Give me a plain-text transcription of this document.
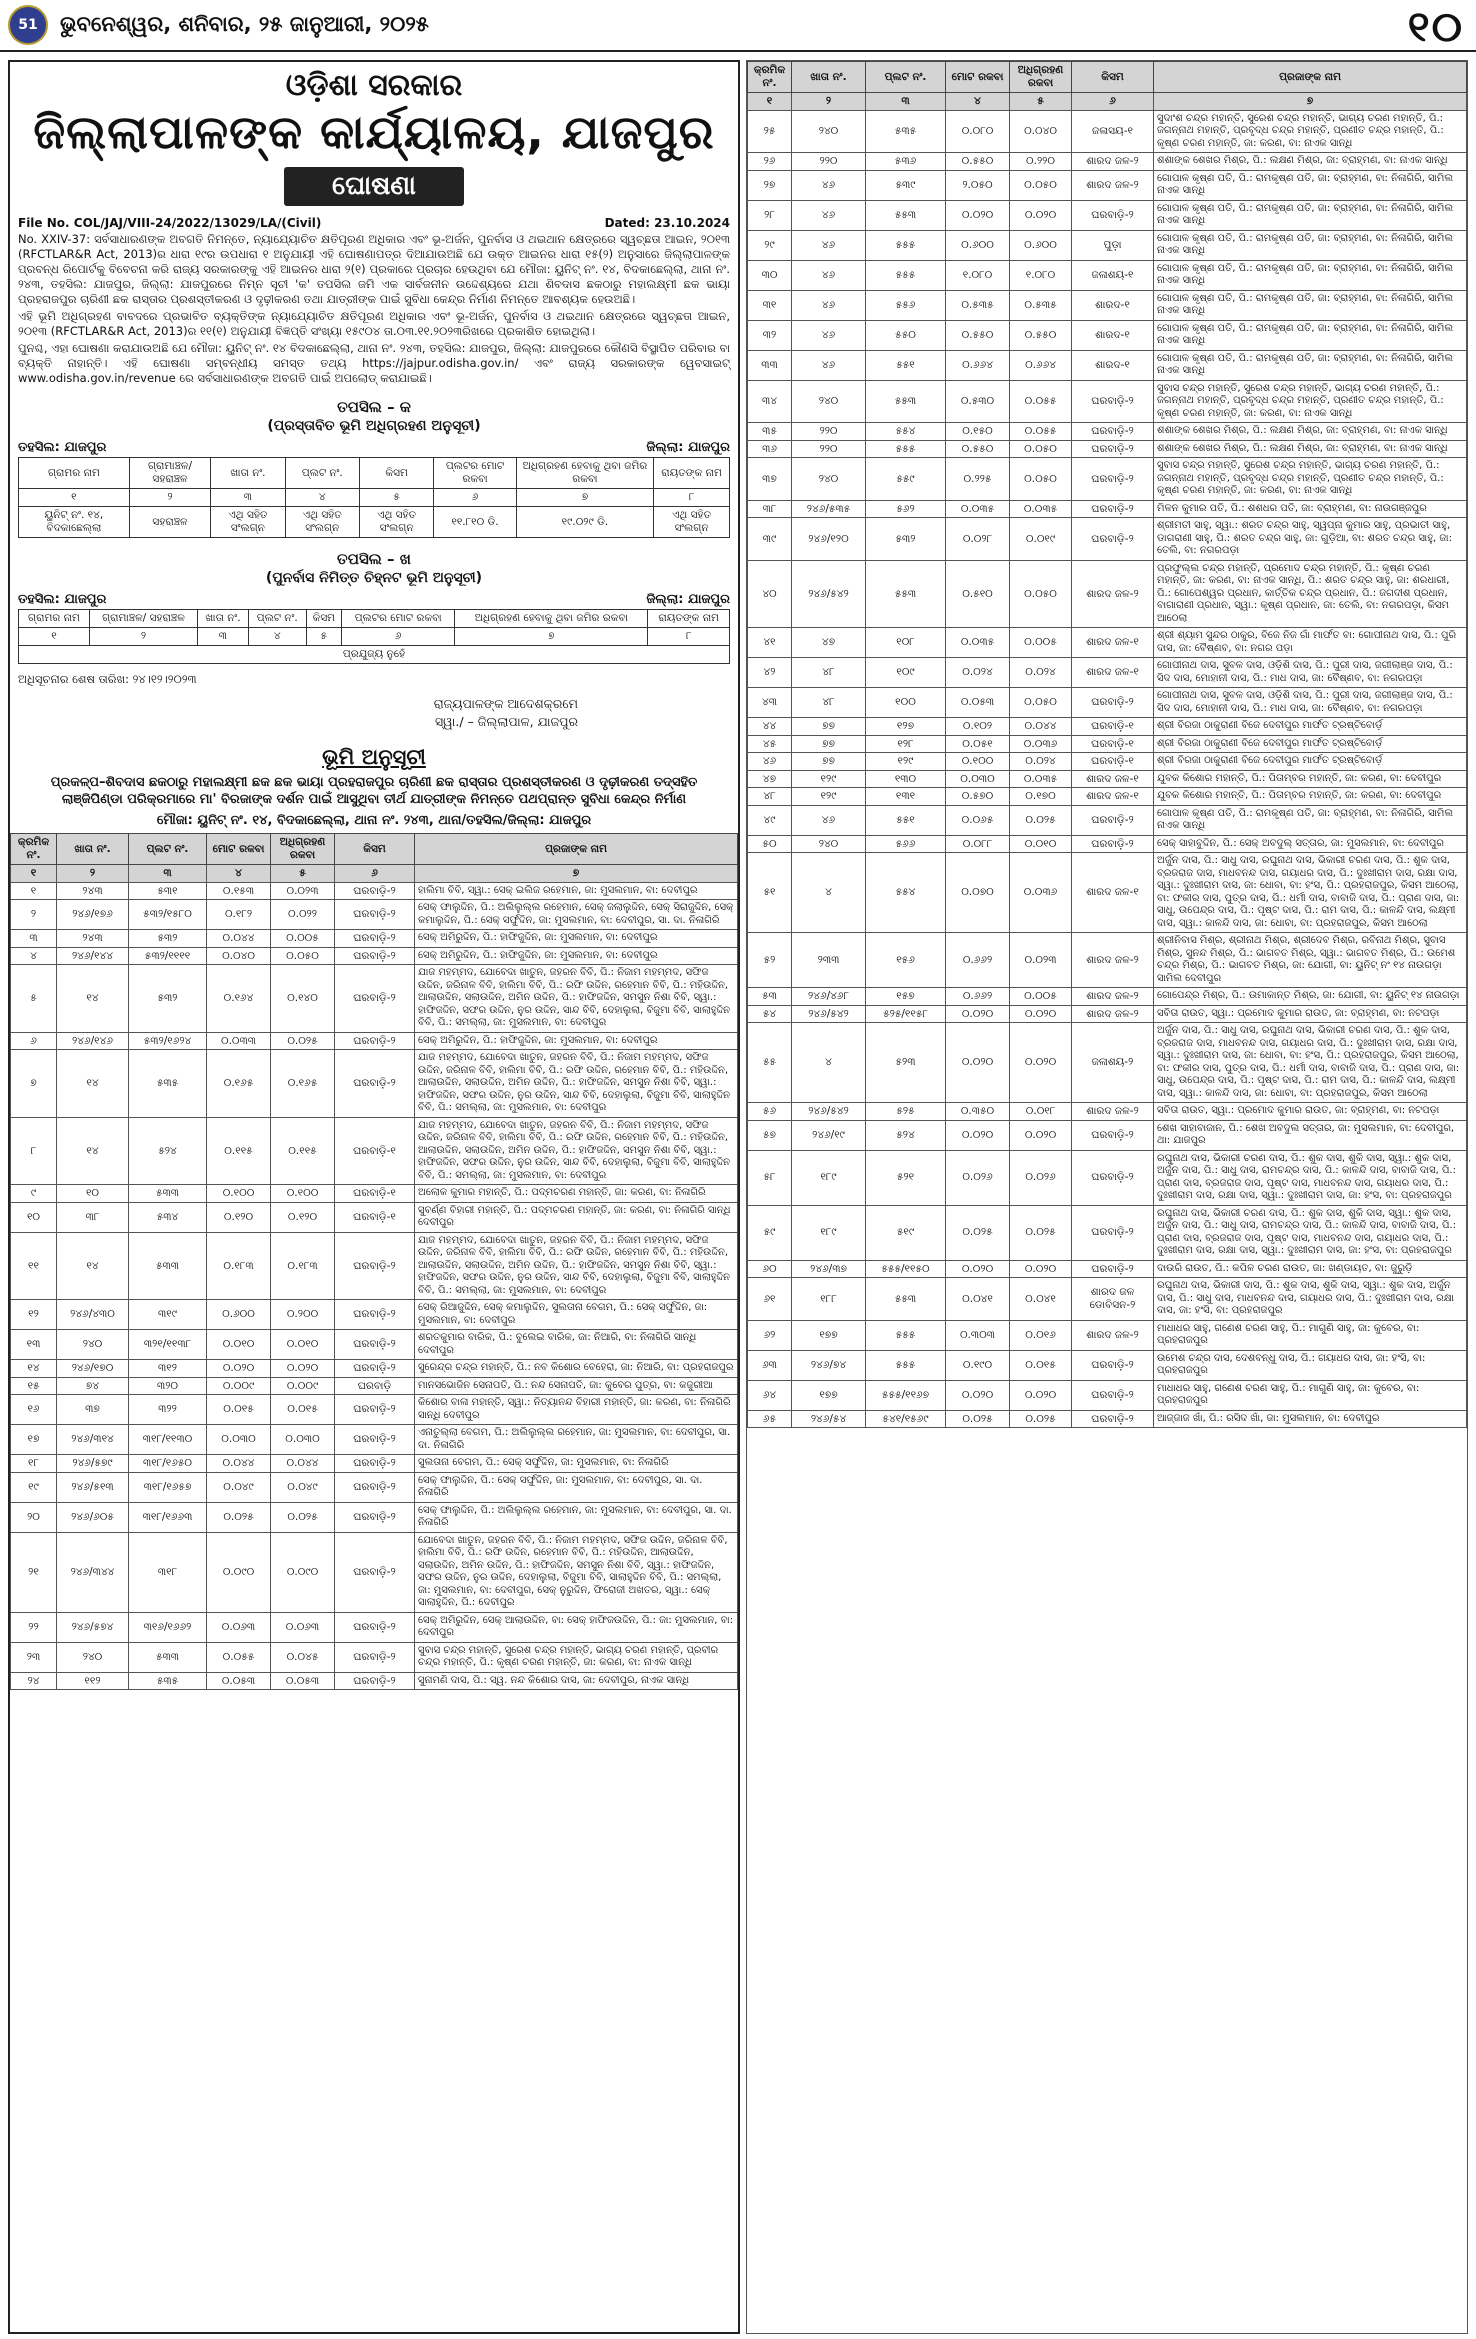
51	ଭୁବନେଶ୍ୱର, ଶନିବାର, ୨୫ ଜାନୁଆରୀ, ୨୦୨୫	୧୦
ଓଡ଼ିଶା ସରକାର
ଜିଲ୍ଲାପାଳଙ୍କ କାର୍ଯ୍ୟାଳୟ, ଯାଜପୁର
ଘୋଷଣା
File No. COL/JAJ/VIII-24/2022/13029/LA/(Civil)	Dated: 23.10.2024

No. XXIV-37: ସର୍ବସାଧାରଣଙ୍କ ଅବଗତି ନିମନ୍ତେ, ନ୍ୟାଯ୍ୟୋଚିତ କ୍ଷତିପୂରଣ ଅଧିକାର ଏବଂ ଭୂ-ଅର୍ଜନ, ପୁନର୍ବାସ ଓ ଥଇଥାନ କ୍ଷେତ୍ରରେ ସ୍ୱଚ୍ଛତା ଆଇନ, ୨୦୧୩ (RFCTLAR&R Act, 2013)ର ଧାରା ୧୯ର ଉପଧାରା ୧ ଅନୁଯାୟୀ ଏହି ଘୋଷଣାପତ୍ର ଦିଆଯାଉଅଛି ଯେ ଉକ୍ତ ଆଇନର ଧାରା ୧୫(୨) ଅନୁସାରେ ଜିଲ୍ଲାପାଳଙ୍କ ପ୍ରବନ୍ଧ ରିପୋର୍ଟକୁ ବିବେଚନା କରି ରାଜ୍ୟ ସରକାରଙ୍କୁ ଏହି ଆଇନର ଧାରା ୨(୧) ପ୍ରକାରେ ପ୍ରଚାର ହେଉଥିବା ଯେ ମୌଜା: ୟୁନିଟ୍ ନଂ. ୧୪, ବିଦକାଛେଲ୍ଲା, ଥାନା ନଂ. ୨୪୩, ତହସିଲ: ଯାଜପୁର, ଜିଲ୍ଲା: ଯାଜପୁରରେ ନିମ୍ନ ସୂଚୀ 'କ' ତପସିଲ ଜମି ଏକ ସାର୍ବଜନୀନ ଉଦ୍ଦେଶ୍ୟରେ ଯଥା ଶିବଦାସ ଛକଠାରୁ ମହାଲକ୍ଷ୍ମୀ ଛକ ଭାୟା ପ୍ରହରାଜପୁର ଚାରିଣୀ ଛକ ରାସ୍ତାର ପ୍ରଶସ୍ତୀକରଣ ଓ ଦୃଢ଼ୀକରଣ ତଥା ଯାତ୍ରୀଙ୍କ ପାଇଁ ସୁବିଧା କେନ୍ଦ୍ର ନିର୍ମାଣ ନିମନ୍ତେ ଆବଶ୍ୟକ ହେଉଅଛି।

ଏହି ଭୂମି ଅଧିଗ୍ରହଣ ବାବଦରେ ପ୍ରଭାବିତ ବ୍ୟକ୍ତିଙ୍କ ନ୍ୟାଯ୍ୟୋଚିତ କ୍ଷତିପୂରଣ ଅଧିକାର ଏବଂ ଭୂ-ଅର୍ଜନ, ପୁନର୍ବାସ ଓ ଥଇଥାନ କ୍ଷେତ୍ରରେ ସ୍ୱଚ୍ଛତା ଆଇନ, ୨୦୧୩ (RFCTLAR&R Act, 2013)ର ୧୧(୧) ଅନୁଯାୟୀ ବିଜ୍ଞପ୍ତି ସଂଖ୍ୟା ୧୫୯୦୪ ତା.୦୩.୧୧.୨୦୨୩ରିଖରେ ପ୍ରକାଶିତ ହୋଇଥିଲା।

ପୁନଶ୍ଚ, ଏହା ଘୋଷଣା କରାଯାଉଅଛି ଯେ ମୌଜା: ୟୁନିଟ୍ ନଂ. ୧୪ ବିଦକାଛେଲ୍ଲା, ଥାନା ନଂ. ୨୪୩, ତହସିଲ: ଯାଜପୁର, ଜିଲ୍ଲା: ଯାଜପୁରରେ କୌଣସି ବିସ୍ଥାପିତ ପରିବାର ବା ବ୍ୟକ୍ତି ନାହାନ୍ତି। ଏହି ଘୋଷଣା ସମ୍ବନ୍ଧୀୟ ସମସ୍ତ ତଥ୍ୟ https://jajpur.odisha.gov.in/ ଏବଂ ରାଜ୍ୟ ସରକାରଙ୍କ ୱେବସାଇଟ୍ www.odisha.gov.in/revenue ରେ ସର୍ବସାଧାରଣଙ୍କ ଅବଗତି ପାଇଁ ଅପଲୋଡ୍ କରାଯାଇଛି।

ତପସିଲ – କ
(ପ୍ରସ୍ତାବିତ ଭୂମି ଅଧିଗ୍ରହଣ ଅନୁସୂଚୀ)
ତହସିଲ: ଯାଜପୁର	ଜିଲ୍ଲା: ଯାଜପୁର
ଗ୍ରାମର ନାମ	ଗ୍ରାମାଞ୍ଚଳ/ ସହରାଞ୍ଚଳ	ଖାତା ନଂ.	ପ୍ଲଟ ନଂ.	କିସମ	ପ୍ଲଟର ମୋଟ ରକବା	ଅଧିଗ୍ରହଣ ହେବାକୁ ଥିବା ଜମିର ରକବା	ରାୟତଙ୍କ ନାମ
୧	୨	୩	୪	୫	୬	୭	୮
ୟୁନିଟ୍ ନଂ. ୧୪, ବିଦକାଛେଲ୍ଲା	ସହରାଞ୍ଚଳ	ଏଥି ସହିତ ସଂଲଗ୍ନ	ଏଥି ସହିତ ସଂଲଗ୍ନ	ଏଥି ସହିତ ସଂଲଗ୍ନ	୧୧.୮୧୦ ଡି.	୧୯.୦୨୯ ଡି.	ଏଥି ସହିତ ସଂଲଗ୍ନ
ତପସିଲ – ଖ
(ପୁନର୍ବାସ ନିମିତ୍ତ ଚିହ୍ନଟ ଭୂମି ଅନୁସୂଚୀ)
ତହସିଲ: ଯାଜପୁର	ଜିଲ୍ଲା: ଯାଜପୁର
ଗ୍ରାମର ନାମ	ଗ୍ରାମାଞ୍ଚଳ/ ସହରାଞ୍ଚଳ	ଖାତା ନଂ.	ପ୍ଲଟ ନଂ.	କିସମ	ପ୍ଲଟର ମୋଟ ରକବା	ଅଧିଗ୍ରହଣ ହେବାକୁ ଥିବା ଜମିର ରକବା	ରାୟତଙ୍କ ନାମ
୧	୨	୩	୪	୫	୬	୭	୮
ପ୍ରଯୁଜ୍ୟ ନୁହେଁ							
ଅଧିସୂଚନାର ଶେଷ ତାରିଖ: ୨୪।୧୨।୨୦୨୩
ରାଜ୍ୟପାଳଙ୍କ ଆଦେଶକ୍ରମେ
ସ୍ୱା./ – ଜିଲ୍ଲାପାଳ, ଯାଜପୁର
ଭୂମି ଅନୁସୂଚୀ
ପ୍ରକଳ୍ପ–ଶିବଦାସ ଛକଠାରୁ ମହାଲକ୍ଷ୍ମୀ ଛକ ଛକ ଭାୟା ପ୍ରହରାଜପୁର ଚାରିଣୀ ଛକ ରାସ୍ତାର ପ୍ରଶସ୍ତୀକରଣ ଓ ଦୃଢ଼ୀକରଣ ତଦ୍‌ସହିତ ଲାଞ୍ଜିପିଣ୍ଡା ପରିକ୍ରମାରେ ମା' ବିରଜାଙ୍କ ଦର୍ଶନ ପାଇଁ ଆସୁଥିବା ତୀର୍ଥ ଯାତ୍ରୀଙ୍କ ନିମନ୍ତେ ପଥପ୍ରାନ୍ତ ସୁବିଧା କେନ୍ଦ୍ର ନିର୍ମାଣ
ମୌଜା: ୟୁନିଟ୍ ନଂ. ୧୪, ବିଦକାଛେଲ୍ଲା, ଥାନା ନଂ. ୨୪୩, ଥାନା/ତହସିଲ/ଜିଲ୍ଲା: ଯାଜପୁର
କ୍ରମିକ ନଂ.	ଖାତା ନଂ.	ପ୍ଲଟ ନଂ.	ମୋଟ ରକବା	ଅଧିଗ୍ରହଣ ରକବା	କିସମ	ପ୍ରଜାଙ୍କ ନାମ
୧	୨	୩	୪	୫	୬	୭
୧	୨୪୩	୫୩୧	୦.୧୫୩	୦.୦୨୩	ଘରବାଡ଼ି-୨	ହାଲିମା ବିବି, ସ୍ୱା.: ସେକ୍ ଇଲିଜ ରହେମାନ, ଜା: ମୁସଲମାନ, ବା: ଦେବୀପୁର
୨	୨୪୬/୧୭୬	୫୩୨/୧୫୮୦	୦.୧୮୨	୦.୦୨୨	ଘରବାଡ଼ି-୨	ସେକ୍ ଫାଲୁଦ୍ଦିନ, ପି.: ଅଲିଲୁଲ୍ଲ ରହେମାନ, ସେକ୍ ଜଲାଲୁଦ୍ଦିନ, ସେକ୍ ସିରାଜୁଦ୍ଦିନ, ସେକ୍ କମାଲୁଦ୍ଦିନ, ପି.: ସେକ୍ ସର୍ଫୁଦ୍ଦିନ, ଜା: ମୁସଲମାନ, ବା: ଦେବୀପୁର, ସା. ଦା. ନିଳାଗିରି
୩	୨୪୩	୫୩୨	୦.୦୪୪	୦.୦୦୫	ଘରବାଡ଼ି-୨	ସେକ୍ ଅମିରୁଦ୍ଦିନ, ପି.: ହାଫିଜୁଦ୍ଦିନ, ଜା: ମୁସଲମାନ, ବା: ଦେବୀପୁର
୪	୨୪୬/୧୪୪	୫୩୨/୧୧୧୧	୦.୦୪୦	୦.୦୫୦	ଘରବାଡ଼ି-୨	ସେକ୍ ଅମିରୁଦ୍ଦିନ, ପି.: ହାଫିଜୁଦ୍ଦିନ, ଜା: ମୁସଲମାନ, ବା: ଦେବୀପୁର
୫	୧୪	୫୩୨	୦.୧୬୪	୦.୧୪୦	ଘରବାଡ଼ି-୨	ଯାଜ ମହମ୍ମଦ, ଯୋବେଦା ଖାତୁନ, ଜହରନ ବିବି, ପି.: ନିଜାମ ମହମ୍ମଦ, ସଫିଜ ଉଦ୍ଦିନ, ଜରିନାଳ ବିବି, ହାଲିମା ବିବି, ପି.: ରଫି ଉଦ୍ଦିନ, ରହେମାନ ବିବି, ପି.: ମହିଉଦ୍ଦିନ, ଆଲାଉଦ୍ଦିନ, ସଲାଉଦ୍ଦିନ, ଅମିନ ଉଦ୍ଦିନ, ପି.: ହାଫିଜଦ୍ଦିନ, ସମସୁନ ନିଶା ବିବି, ସ୍ୱା.: ହାଫିଜଦ୍ଦିନ, ସଫର ଉଦ୍ଦିନ, ନୁର ଉଦ୍ଦିନ, ସାନ୍ଦ ବିବି, ଦେହାଲୁଲା, ବିଜୁମା ବିବି, ସାଲାହୁଦ୍ଦିନ ବିବି, ପି.: ସମଲ୍ଲା, ଜା: ମୁସଲମାନ, ବା: ଦେବୀପୁର
୬	୨୪୬/୧୪୬	୫୩୨/୧୬୨୪	୦.୦୩୩	୦.୦୨୫	ଘରବାଡ଼ି-୨	ସେକ୍ ଅମିରୁଦ୍ଦିନ, ପି.: ହାଫିଜୁଦ୍ଦିନ, ଜା: ମୁସଲମାନ, ବା: ଦେବୀପୁର
୭	୧୪	୫୩୫	୦.୧୬୫	୦.୧୬୫	ଘରବାଡ଼ି-୨	ଯାଜ ମହମ୍ମଦ, ଯୋବେଦା ଖାତୁନ, ଜହରନ ବିବି, ପି.: ନିଜାମ ମହମ୍ମଦ, ସଫିଜ ଉଦ୍ଦିନ, ଜରିନାଳ ବିବି, ହାଲିମା ବିବି, ପି.: ରଫି ଉଦ୍ଦିନ, ରହେମାନ ବିବି, ପି.: ମହିଉଦ୍ଦିନ, ଆଲାଉଦ୍ଦିନ, ସଲାଉଦ୍ଦିନ, ଅମିନ ଉଦ୍ଦିନ, ପି.: ହାଫିଜଦ୍ଦିନ, ସମସୁନ ନିଶା ବିବି, ସ୍ୱା.: ହାଫିଜଦ୍ଦିନ, ସଫର ଉଦ୍ଦିନ, ନୁର ଉଦ୍ଦିନ, ସାନ୍ଦ ବିବି, ଦେହାଲୁଲା, ବିଜୁମା ବିବି, ସାଲାହୁଦ୍ଦିନ ବିବି, ପି.: ସମଲ୍ଲା, ଜା: ମୁସଲମାନ, ବା: ଦେବୀପୁର
୮	୧୪	୫୨୪	୦.୧୧୫	୦.୧୧୫	ଘରବାଡ଼ି-୧	ଯାଜ ମହମ୍ମଦ, ଯୋବେଦା ଖାତୁନ, ଜହରନ ବିବି, ପି.: ନିଜାମ ମହମ୍ମଦ, ସଫିଜ ଉଦ୍ଦିନ, ଜରିନାଳ ବିବି, ହାଲିମା ବିବି, ପି.: ରଫି ଉଦ୍ଦିନ, ରହେମାନ ବିବି, ପି.: ମହିଉଦ୍ଦିନ, ଆଲାଉଦ୍ଦିନ, ସଲାଉଦ୍ଦିନ, ଅମିନ ଉଦ୍ଦିନ, ପି.: ହାଫିଜଦ୍ଦିନ, ସମସୁନ ନିଶା ବିବି, ସ୍ୱା.: ହାଫିଜଦ୍ଦିନ, ସଫର ଉଦ୍ଦିନ, ନୁର ଉଦ୍ଦିନ, ସାନ୍ଦ ବିବି, ଦେହାଲୁଲା, ବିଜୁମା ବିବି, ସାଲାହୁଦ୍ଦିନ ବିବି, ପି.: ସମଲ୍ଲା, ଜା: ମୁସଲମାନ, ବା: ଦେବୀପୁର
୯	୧୦	୫୩୩	୦.୧୦୦	୦.୧୦୦	ଘରବାଡ଼ି-୧	ଅଲୋକ କୁମାର ମହାନ୍ତି, ପି.: ପଦ୍ମଚରଣ ମହାନ୍ତି, ଜା: କରଣ, ବା: ନିଳାଗିରି
୧୦	୩୮	୫୩୪	୦.୧୨୦	୦.୧୨୦	ଘରବାଡ଼ି-୧	ସୁବର୍ଣ୍ଣ ବିହାରୀ ମହାନ୍ତି, ପି.: ପଦ୍ମଚରଣ ମହାନ୍ତି, ଜା: କରଣ, ବା: ନିଳାଗିରି ସାନ୍ଧି ଦେବୀପୁର
୧୧	୧୪	୫୩୩	୦.୧୮୩	୦.୧୮୩	ଘରବାଡ଼ି-୨	ଯାଜ ମହମ୍ମଦ, ଯୋବେଦା ଖାତୁନ, ଜହରନ ବିବି, ପି.: ନିଜାମ ମହମ୍ମଦ, ସଫିଜ ଉଦ୍ଦିନ, ଜରିନାଳ ବିବି, ହାଲିମା ବିବି, ପି.: ରଫି ଉଦ୍ଦିନ, ରହେମାନ ବିବି, ପି.: ମହିଉଦ୍ଦିନ, ଆଲାଉଦ୍ଦିନ, ସଲାଉଦ୍ଦିନ, ଅମିନ ଉଦ୍ଦିନ, ପି.: ହାଫିଜଦ୍ଦିନ, ସମସୁନ ନିଶା ବିବି, ସ୍ୱା.: ହାଫିଜଦ୍ଦିନ, ସଫର ଉଦ୍ଦିନ, ନୁର ଉଦ୍ଦିନ, ସାନ୍ଦ ବିବି, ଦେହାଲୁଲା, ବିଜୁମା ବିବି, ସାଲାହୁଦ୍ଦିନ ବିବି, ପି.: ସମଲ୍ଲା, ଜା: ମୁସଲମାନ, ବା: ଦେବୀପୁର
୧୨	୨୪୬/୪୩୦	୩୧୯	୦.୬୦୦	୦.୨୦୦	ଘରବାଡ଼ି-୨	ସେକ୍ ରିଆଜୁଦ୍ଦିନ, ସେକ୍ କମାଲୁଦ୍ଦିନ, ସୁଲତାନା ବେଗମ, ପି.: ସେକ୍ ସର୍ଫୁଦ୍ଦିନ, ଜା: ମୁସଲମାନ, ବା: ଦେବୀପୁର
୧୩	୨୪୦	୩୨୧/୧୧୩୮	୦.୦୧୦	୦.୦୧୦	ଘରବାଡ଼ି-୨	ଶରତକୁମାର ବାରିକ, ପି.: ବୁଲେଇ ବାରିକ, ଜା: ନିଆରି, ବା: ନିଳାଗିରି ସାନ୍ଧି ଦେବୀପୁର
୧୪	୨୪୬/୧୭୦	୩୧୨	୦.୦୨୦	୦.୦୨୦	ଘରବାଡ଼ି-୨	ସୁରେନ୍ଦ୍ର ଚନ୍ଦ୍ର ମହାନ୍ତି, ପି.: ନବ କିଶୋର ବେହେରା, ଜା: ନିଆରି, ବା: ପ୍ରହରାଜପୁର
୧୫	୭୪	୩୨୦	୦.୦୦୯	୦.୦୦୯	ଘରବାଡ଼ି	ମାନସଭୋଜିନ ସେନାପତି, ପି.: ନନ୍ଦ ସେନାପତି, ଜା: କୁବେର ପୁତ୍ର, ବା: କଜୁରୀଆ
୧୬	୩୭	୩୨୨	୦.୦୧୫	୦.୦୧୫	ଘରବାଡ଼ି-୨	କିଶୋର ବାଳା ମହାନ୍ତି, ସ୍ୱା.: ନିତ୍ୟାନନ୍ଦ ବିହାରୀ ମହାନ୍ତି, ଜା: କରଣ, ବା: ନିଳାଗିରି ସାନ୍ଧି ଦେବୀପୁର
୧୭	୨୪୬/୩୧୪	୩୧୮/୧୧୩୦	୦.୦୩୦	୦.୦୩୦	ଘରବାଡ଼ି-୨	ଏନାତୁଲ୍ଲା ବେଗମ, ପି.: ଅଲିଲୁଲ୍ଲ ରହେମାନ, ଜା: ମୁସଲମାନ, ବା: ଦେବୀପୁର, ସା. ଦା. ନିଳାଗିରି
୧୮	୨୪୬/୫୭୯	୩୧୮/୧୬୫୦	୦.୦୪୪	୦.୦୪୪	ଘରବାଡ଼ି-୨	ସୁଲତାନା ବେଗମ, ପି.: ସେକ୍ ସର୍ଫୁଦ୍ଦିନ, ଜା: ମୁସଲମାନ, ବା: ନିଳାଗିରି
୧୯	୨୪୬/୫୧୩	୩୧୮/୧୬୫୭	୦.୦୪୯	୦.୦୪୯	ଘରବାଡ଼ି-୨	ସେକ୍ ଫାଲୁଦ୍ଦିନ, ପି.: ସେକ୍ ସର୍ଫୁଦ୍ଦିନ, ଜା: ମୁସଲମାନ, ବା: ଦେବୀପୁର, ସା. ଦା. ନିଳାଗିରି
୨୦	୨୪୬/୬୦୫	୩୧୮/୧୬୬୩	୦.୦୨୫	୦.୦୨୫	ଘରବାଡ଼ି-୨	ସେକ୍ ଫାଲୁଦ୍ଦିନ, ପି.: ଅଲିଲୁଲ୍ଲ ରହେମାନ, ଜା: ମୁସଲମାନ, ବା: ଦେବୀପୁର, ସା. ଦା. ନିଳାଗିରି
୨୧	୨୪୬/୩୪୪	୩୧୮	୦.୦୯୦	୦.୦୯୦	ଘରବାଡ଼ି-୨	ଯୋବେଦା ଖାତୁନ, ଜହରନ ବିବି, ପି.: ନିଜାମ ମହମ୍ମଦ, ସଫିଜ ଉଦ୍ଦିନ, ଜରିନାଳ ବିବି, ହାଲିମା ବିବି, ପି.: ରଫି ଉଦ୍ଦିନ, ରହେମାନ ବିବି, ପି.: ମହିଉଦ୍ଦିନ, ଆଲାଉଦ୍ଦିନ, ସଲାଉଦ୍ଦିନ, ଅମିନ ଉଦ୍ଦିନ, ପି.: ହାଫିଜଦ୍ଦିନ, ସମସୁନ ନିଶା ବିବି, ସ୍ୱା.: ହାଫିଜଦ୍ଦିନ, ସଫର ଉଦ୍ଦିନ, ନୁର ଉଦ୍ଦିନ, ଦେହାଲୁଲା, ବିଜୁମା ବିବି, ସାଲାହୁଦ୍ଦିନ ବିବି, ପି.: ସମଲ୍ଲା, ଜା: ମୁସଲମାନ, ବା: ଦେବୀପୁର, ସେକ୍ ନୁରୁଦ୍ଦିନ, ଫିରୋଜୀ ଅଖତର, ସ୍ୱା.: ସେକ୍ ସାଲାହୁଦ୍ଦିନ, ପି.: ଦେବୀପୁର
୨୨	୨୪୬/୫୭୪	୩୧୬/୧୬୬୨	୦.୦୬୩	୦.୦୬୩	ଘରବାଡ଼ି-୨	ସେକ୍ ଅମିରୁଦ୍ଦିନ, ସେକ୍ ଆଲାଉଦ୍ଦିନ, ବା: ସେକ୍ ହାଫିଜଉଦ୍ଦିନ, ପି.: ଜା: ମୁସଲମାନ, ବା: ଦେବୀପୁର
୨୩	୨୪୦	୫୩୩	୦.୦୫୫	୦.୦୪୫	ଘରବାଡ଼ି-୨	ସୁବାସ ଚନ୍ଦ୍ର ମହାନ୍ତି, ସୁରେଶ ଚନ୍ଦ୍ର ମହାନ୍ତି, ଭାଗ୍ୟ ଚରଣ ମହାନ୍ତି, ପ୍ରବୀର ଚନ୍ଦ୍ର ମହାନ୍ତି, ପି.: କୃଷ୍ଣ ଚରଣ ମହାନ୍ତି, ଜା: କରଣ, ବା: ନାଏକ ସାନ୍ଧି
୨୪	୧୧୨	୫୩୫	୦.୦୫୩	୦.୦୫୩	ଘରବାଡ଼ି-୨	ସୁନାମଣି ଦାସ, ପି.: ସ୍ୱ. ନନ୍ଦ କିଶୋର ଦାସ, ଜା: ଦେବୀପୁର, ନାଏକ ସାନ୍ଧି
କ୍ରମିକ ନଂ.	ଖାତା ନଂ.	ପ୍ଲଟ ନଂ.	ମୋଟ ରକବା	ଅଧିଗ୍ରହଣ ରକବା	କିସମ	ପ୍ରଜାଙ୍କ ନାମ
୧	୨	୩	୪	୫	୬	୭
୨୫	୨୪୦	୫୩୫	୦.୦୮୦	୦.୦୪୦	ଜଳାସୟ-୧	ସୁଦାଂଶ ଚନ୍ଦ୍ର ମହାନ୍ତି, ସୁରେଶ ଚନ୍ଦ୍ର ମହାନ୍ତି, ଭାଗ୍ୟ ଚରଣ ମହାନ୍ତି, ପି.: ଜଗନ୍ନାଥ ମହାନ୍ତି, ପ୍ରବୃଦ୍ଧ ଚନ୍ଦ୍ର ମହାନ୍ତି, ପ୍ରଣୀତ ଚନ୍ଦ୍ର ମହାନ୍ତି, ପି.: କୃଷ୍ଣ ଚରଣ ମହାନ୍ତି, ଜା: କରଣ, ବା: ନାଏକ ସାନ୍ଧି
୨୬	୨୨୦	୫୩୬	୦.୫୫୦	୦.୨୨୦	ଶାରଦ ଜଳ-୨	ଶଶାଙ୍କ ଶେଖର ମିଶ୍ର, ପି.: ଲକ୍ଷଣ ମିଶ୍ର, ଜା: ବ୍ରାହ୍ମଣ, ବା: ନାଏକ ସାନ୍ଧି
୨୭	୪୬	୫୩୯	୨.୦୫୦	୦.୦୫୦	ଶାରଦ ଜଳ-୨	ଗୋପାଳ କୃଷ୍ଣ ପତି, ପି.: ରାମକୃଷ୍ଣ ପତି, ଜା: ବ୍ରାହ୍ମଣ, ବା: ନିଳାଗିରି, ସାମିଲ ନାଏକ ସାନ୍ଧି
୨୮	୪୬	୫୫୩	୦.୦୨୦	୦.୦୨୦	ଘରବାଡ଼ି-୨	ଗୋପାଳ କୃଷ୍ଣ ପତି, ପି.: ରାମକୃଷ୍ଣ ପତି, ଜା: ବ୍ରାହ୍ମଣ, ବା: ନିଳାଗିରି, ସାମିଲ ନାଏକ ସାନ୍ଧି
୨୯	୪୬	୫୫୫	୦.୬୦୦	୦.୬୦୦	ପୁଡ଼ା	ଗୋପାଳ କୃଷ୍ଣ ପତି, ପି.: ରାମକୃଷ୍ଣ ପତି, ଜା: ବ୍ରାହ୍ମଣ, ବା: ନିଳାଗିରି, ସାମିଲ ନାଏକ ସାନ୍ଧି
୩୦	୪୬	୫୫୫	୧.୦୮୦	୧.୦୮୦	ଜଳାଶୟ-୧	ଗୋପାଳ କୃଷ୍ଣ ପତି, ପି.: ରାମକୃଷ୍ଣ ପତି, ଜା: ବ୍ରାହ୍ମଣ, ବା: ନିଳାଗିରି, ସାମିଲ ନାଏକ ସାନ୍ଧି
୩୧	୪୬	୫୫୬	୦.୫୩୫	୦.୫୩୫	ଶାରଦ-୧	ଗୋପାଳ କୃଷ୍ଣ ପତି, ପି.: ରାମକୃଷ୍ଣ ପତି, ଜା: ବ୍ରାହ୍ମଣ, ବା: ନିଳାଗିରି, ସାମିଲ ନାଏକ ସାନ୍ଧି
୩୨	୪୬	୫୫୦	୦.୫୫୦	୦.୫୫୦	ଶାରଦ-୧	ଗୋପାଳ କୃଷ୍ଣ ପତି, ପି.: ରାମକୃଷ୍ଣ ପତି, ଜା: ବ୍ରାହ୍ମଣ, ବା: ନିଳାଗିରି, ସାମିଲ ନାଏକ ସାନ୍ଧି
୩୩	୪୬	୫୫୧	୦.୬୬୪	୦.୬୬୪	ଶାରଦ-୧	ଗୋପାଳ କୃଷ୍ଣ ପତି, ପି.: ରାମକୃଷ୍ଣ ପତି, ଜା: ବ୍ରାହ୍ମଣ, ବା: ନିଳାଗିରି, ସାମିଲ ନାଏକ ସାନ୍ଧି
୩୪	୨୪୦	୫୫୩	୦.୫୩୦	୦.୦୫୫	ଘରବାଡ଼ି-୨	ସୁବାସ ଚନ୍ଦ୍ର ମହାନ୍ତି, ସୁରେଶ ଚନ୍ଦ୍ର ମହାନ୍ତି, ଭାଗ୍ୟ ଚରଣ ମହାନ୍ତି, ପି.: ଜଗନ୍ନାଥ ମହାନ୍ତି, ପ୍ରବୃଦ୍ଧ ଚନ୍ଦ୍ର ମହାନ୍ତି, ପ୍ରଣୀତ ଚନ୍ଦ୍ର ମହାନ୍ତି, ପି.: କୃଷ୍ଣ ଚରଣ ମହାନ୍ତି, ଜା: କରଣ, ବା: ନାଏକ ସାନ୍ଧି
୩୫	୨୨୦	୫୫୪	୦.୧୫୦	୦.୦୫୫	ଘରବାଡ଼ି-୨	ଶଶାଙ୍କ ଶେଖର ମିଶ୍ର, ପି.: ଲକ୍ଷଣ ମିଶ୍ର, ଜା: ବ୍ରାହ୍ମଣ, ବା: ନାଏକ ସାନ୍ଧି
୩୬	୨୨୦	୫୫୫	୦.୫୫୦	୦.୦୫୦	ଘରବାଡ଼ି-୨	ଶଶାଙ୍କ ଶେଖର ମିଶ୍ର, ପି.: ଲକ୍ଷଣ ମିଶ୍ର, ଜା: ବ୍ରାହ୍ମଣ, ବା: ନାଏକ ସାନ୍ଧି
୩୭	୨୪୦	୫୫୯	୦.୨୨୫	୦.୦୫୦	ଘରବାଡ଼ି-୨	ସୁବାସ ଚନ୍ଦ୍ର ମହାନ୍ତି, ସୁରେଶ ଚନ୍ଦ୍ର ମହାନ୍ତି, ଭାଗ୍ୟ ଚରଣ ମହାନ୍ତି, ପି.: ଜଗନ୍ନାଥ ମହାନ୍ତି, ପ୍ରବୃଦ୍ଧ ଚନ୍ଦ୍ର ମହାନ୍ତି, ପ୍ରଣୀତ ଚନ୍ଦ୍ର ମହାନ୍ତି, ପି.: କୃଷ୍ଣ ଚରଣ ମହାନ୍ତି, ଜା: କରଣ, ବା: ନାଏକ ସାନ୍ଧି
୩୮	୨୪୬/୫୩୫	୫୬୨	୦.୦୩୫	୦.୦୩୫	ଘରବାଡ଼ି-୨	ମିଳନ କୁମାର ପତି, ପି.: ଶଶଧର ପତି, ଜା: ବ୍ରାହ୍ମଣ, ବା: ନାଉଗଞ୍ଜପୁର
୩୯	୨୪୬/୧୨୦	୫୩୨	୦.୦୨୮	୦.୦୧୯	ଘରବାଡ଼ି-୨	ଶ୍ରୀମତୀ ସାହୁ, ସ୍ୱା.: ଶରତ ଚନ୍ଦ୍ର ସାହୁ, ସ୍ୱପ୍ନା କୁମାର ସାହୁ, ପ୍ରଭାତୀ ସାହୁ, ଡାଗରାଣୀ ସାହୁ, ପି.: ଶରତ ଚନ୍ଦ୍ର ସାହୁ, ଜା: ଗୁଡ଼ିଆ, ବା: ଶରତ ଚନ୍ଦ୍ର ସାହୁ, ଜା: ତେଲି, ବା: ନଗରପଡ଼ା
୪୦	୨୪୬/୫୪୨	୫୫୩	୦.୫୧୦	୦.୦୫୦	ଶାରଦ ଜଳ-୨	ପ୍ରଫୁଲ୍ଲ ଚନ୍ଦ୍ର ମହାନ୍ତି, ପ୍ରମୋଦ ଚନ୍ଦ୍ର ମହାନ୍ତି, ପି.: କୃଷ୍ଣ ଚରଣ ମହାନ୍ତି, ଜା: କରଣ, ବା: ନାଏକ ସାନ୍ଧି, ପି.: ଶରତ ଚନ୍ଦ୍ର ସାହୁ, ଜା: ଶରଧାରୀ, ପି.: ଗୋପେଶ୍ୱର ପ୍ରଧାନ, କାର୍ତ୍ତିକ ଚନ୍ଦ୍ର ପ୍ରଧାନ, ପି.: ଜଗଦୀଶ ପ୍ରଧାନ, ବାଗାରାଣୀ ପ୍ରଧାନ, ସ୍ୱା.: କୃଷ୍ଣ ପ୍ରଧାନ, ଜା: ତେଲି, ବା: ନଗରପଡ଼ା, କିସମ ଆଠେଲା
୪୧	୪୭	୧୦୮	୦.୦୩୫	୦.୦୦୫	ଶାରଦ ଜଳ-୧	ଶ୍ରୀ ଶ୍ୟାମ ସୁନ୍ଦର ଠାକୁର, ବିଜେ ନିଜ ଗାଁ ମାର୍ଫତ ବା: ଗୋପୀନାଥ ଦାସ, ପି.: ପୁରି ଦାସ, ଜା: ବୈଷ୍ଣବ, ବା: ନଗର ପଡ଼ା
୪୨	୪୮	୧୦୯	୦.୦୨୪	୦.୦୨୪	ଶାରଦ ଜଳ-୧	ଗୋପୀନାଥ ଦାସ, ସୁବଳ ଦାସ, ଓଡ଼ିଶି ଦାସ, ପି.: ପୁରୀ ଦାସ, ଜଗୀଲାଞ୍ଜ ଦାସ, ପି.: ସିଦ ଦାସ, ମୋହାନୀ ଦାସ, ପି.: ମାଧ ଦାସ, ଜା: ବୈଷ୍ଣବ, ବା: ନଗରପଡ଼ା
୪୩	୪୮	୧୦୦	୦.୦୫୩	୦.୦୫୦	ଘରବାଡ଼ି-୨	ଗୋପୀନାଥ ଦାସ, ସୁବଳ ଦାସ, ଓଡ଼ିଶି ଦାସ, ପି.: ପୁରୀ ଦାସ, ଜଗୀଲାଞ୍ଜ ଦାସ, ପି.: ସିଦ ଦାସ, ମୋହାନୀ ଦାସ, ପି.: ମାଧ ଦାସ, ଜା: ବୈଷ୍ଣବ, ବା: ନଗରପଡ଼ା
୪୪	୭୭	୧୨୭	୦.୧୦୨	୦.୦୪୪	ଘରବାଡ଼ି-୧	ଶ୍ରୀ ବିରଜା ଠାକୁରାଣୀ ବିଜେ ଦେବୀପୁର ମାର୍ଫତ ଟ୍ରଷ୍ଟିବୋର୍ଡ଼
୪୫	୭୭	୧୨୮	୦.୦୫୧	୦.୦୩୬	ଘରବାଡ଼ି-୧	ଶ୍ରୀ ବିରଜା ଠାକୁରାଣୀ ବିଜେ ଦେବୀପୁର ମାର୍ଫତ ଟ୍ରଷ୍ଟିବୋର୍ଡ଼
୪୬	୭୭	୧୨୯	୦.୧୦୦	୦.୦୨୪	ଘରବାଡ଼ି-୧	ଶ୍ରୀ ବିରଜା ଠାକୁରାଣୀ ବିଜେ ଦେବୀପୁର ମାର୍ଫତ ଟ୍ରଷ୍ଟିବୋର୍ଡ଼
୪୭	୧୨୯	୧୩୦	୦.୦୩୦	୦.୦୩୫	ଶାରଦ ଜଳ-୧	ଯୁବକ କିଶୋର ମହାନ୍ତି, ପି.: ପିତାମ୍ବର ମହାନ୍ତି, ଜା: କରଣ, ବା: ଦେବୀପୁର
୪୮	୧୨୯	୧୩୧	୦.୫୭୦	୦.୧୭୦	ଶାରଦ ଜଳ-୧	ଯୁବକ କିଶୋର ମହାନ୍ତି, ପି.: ପିତାମ୍ବର ମହାନ୍ତି, ଜା: କରଣ, ବା: ଦେବୀପୁର
୪୯	୪୬	୫୫୧	୦.୦୬୫	୦.୦୨୫	ଘରବାଡ଼ି-୨	ଗୋପାଳ କୃଷ୍ଣ ପତି, ପି.: ରାମକୃଷ୍ଣ ପତି, ଜା: ବ୍ରାହ୍ମଣ, ବା: ନିଳାଗିରି, ସାମିଲ ନାଏକ ସାନ୍ଧି
୫୦	୨୪୦	୫୬୬	୦.୦୮୮	୦.୦୧୦	ଘରବାଡ଼ି-୨	ସେକ୍ ସାହାବୁଦ୍ଦିନ, ପି.: ସେକ୍ ଅବଦୁଲ୍ ସତ୍ତାର, ଜା: ମୁସଲମାନ, ବା: ଦେବୀପୁର
୫୧	୪	୫୫୪	୦.୦୭୦	୦.୦୩୬	ଶାରଦ ଜଳ-୧	ଅର୍ଜୁନ ଦାସ, ପି.: ସାଧୁ ଦାସ, ରଘୁନାଥ ଦାସ, ଭିକାରୀ ଚରଣ ଦାସ, ପି.: ଶୁକ ଦାସ, ବ୍ରଜରାଜ ଦାସ, ମାଧବନନ୍ଦ ଦାସ, ଗୟାଧର ଦାସ, ପି.: ଦୁଃଖୀରାମ ଦାସ, ରକ୍ଷା ଦାସ, ସ୍ୱା.: ଦୁଃଖୀରାମ ଦାସ, ଜା: ଧୋବା, ବା: ହଂସ, ପି.: ପ୍ରହରାଜପୁର, କିସମ ଆଠେଲା, ବା: ଫକୀର ଦାସ, ପୁତ୍ର ଦାସ, ପି.: ଧର୍ମୀ ଦାସ, ବାବାଜି ଦାସ, ପି.: ପ୍ରାଣ ଦାସ, ଜା: ସାଧୁ, ଉପେନ୍ଦ୍ର ଦାସ, ପି.: ପୃଷ୍ଟ ଦାସ, ପି.: ରାମ ଦାସ, ପି.: କାଳନ୍ଦି ଦାସ, ଲକ୍ଷ୍ମୀ ଦାସ, ସ୍ୱା.: କାଳନ୍ଦି ଦାସ, ଜା: ଧୋବା, ବା: ପ୍ରହରାଜପୁର, କିସମ ଆଠେଲା
୫୨	୨୩୩	୧୫୬	୦.୬୬୨	୦.୦୨୩	ଶାରଦ ଜଳ-୨	ଶ୍ରୀନିବାସ ମିଶ୍ର, ଶ୍ରୀନାଥ ମିଶ୍ର, ଶ୍ରୀଦେବ ମିଶ୍ର, ରବିନାଥ ମିଶ୍ର, ସୁବାସ ମିଶ୍ର, ସୁନନ୍ଦ ମିଶ୍ର, ପି.: ଭାଗବତ ମିଶ୍ର, ସ୍ୱା.: ଭାଗବତ ମିଶ୍ର, ପି.: ଉମେଶ ଚନ୍ଦ୍ର ମିଶ୍ର, ପି.: ଭାଗବତ ମିଶ୍ର, ଜା: ଯୋଗୀ, ବା: ୟୁନିଟ୍ ନଂ ୧୪ ନାଉଗଡ଼ା ସାମିଲ ଦେବୀପୁର
୫୩	୨୪୬/୪୬୮	୧୫୭	୦.୬୬୨	୦.୦୦୫	ଶାରଦ ଜଳ-୨	ଗୋପେନ୍ଦ୍ର ମିଶ୍ର, ପି.: ଉମାକାନ୍ତ ମିଶ୍ର, ଜା: ଯୋଗୀ, ବା: ୟୁନିଟ୍ ୧୪ ନାଉଗଡ଼ା
୫୪	୨୪୬/୫୪୨	୫୨୫/୧୧୫୮	୦.୦୨୦	୦.୦୨୦	ଶାରଦ ଜଳ-୨	ସବିତା ରାଉତ, ସ୍ୱା.: ପ୍ରମୋଦ କୁମାର ରାଉତ, ଜା: ବ୍ରାହ୍ମଣ, ବା: ନଟପଡ଼ା
୫୫	୪	୫୨୩	୦.୦୨୦	୦.୦୨୦	ଜଳାଶୟ-୨	ଅର୍ଜୁନ ଦାସ, ପି.: ସାଧୁ ଦାସ, ରଘୁନାଥ ଦାସ, ଭିକାରୀ ଚରଣ ଦାସ, ପି.: ଶୁକ ଦାସ, ବ୍ରଜରାଜ ଦାସ, ମାଧବନନ୍ଦ ଦାସ, ଗୟାଧର ଦାସ, ପି.: ଦୁଃଖୀରାମ ଦାସ, ରକ୍ଷା ଦାସ, ସ୍ୱା.: ଦୁଃଖୀରାମ ଦାସ, ଜା: ଧୋବା, ବା: ହଂସ, ପି.: ପ୍ରହରାଜପୁର, କିସମ ଆଠେଲା, ବା: ଫକୀର ଦାସ, ପୁତ୍ର ଦାସ, ପି.: ଧର୍ମୀ ଦାସ, ବାବାଜି ଦାସ, ପି.: ପ୍ରାଣ ଦାସ, ଜା: ସାଧୁ, ଉପେନ୍ଦ୍ର ଦାସ, ପି.: ପୃଷ୍ଟ ଦାସ, ପି.: ରାମ ଦାସ, ପି.: କାଳନ୍ଦି ଦାସ, ଲକ୍ଷ୍ମୀ ଦାସ, ସ୍ୱା.: କାଳନ୍ଦି ଦାସ, ଜା: ଧୋବା, ବା: ପ୍ରହରାଜପୁର, କିସମ ଆଠେଲା
୫୬	୨୪୬/୫୪୨	୫୨୫	୦.୩୫୦	୦.୦୧୮	ଶାରଦ ଜଳ-୨	ସବିତା ରାଉତ, ସ୍ୱା.: ପ୍ରମୋଦ କୁମାର ରାଉତ, ଜା: ବ୍ରାହ୍ମଣ, ବା: ନଟପଡ଼ା
୫୭	୨୪୬/୧୯	୫୨୪	୦.୦୨୦	୦.୦୨୦	ଘରବାଡ଼ି-୨	ଶେଖ ସାହାବାଜାନ, ପି.: ଶେଖ ଅବଦୁଲ ସତ୍ତାର, ଜା: ମୁସଲମାନ, ବା: ଦେବୀପୁର, ଥା: ଯାଜପୁର
୫୮	୧୮୯	୫୨୧	୦.୦୨୬	୦.୦୨୬	ଘରବାଡ଼ି-୨	ରଘୁନାଥ ଦାସ, ଭିକାରୀ ଚରଣ ଦାସ, ପି.: ଶୁକ ଦାସ, ଶୁକି ଦାସ, ସ୍ୱା.: ଶୁକ ଦାସ, ଅର୍ଜୁନ ଦାସ, ପି.: ସାଧୁ ଦାସ, ରାମଚନ୍ଦ୍ର ଦାସ, ପି.: କାଳନ୍ଦି ଦାସ, ବାବାଜି ଦାସ, ପି.: ପ୍ରାଣ ଦାସ, ବ୍ରଜରାଜ ଦାସ, ପୃଷ୍ଟ ଦାସ, ମାଧବନନ୍ଦ ଦାସ, ଗୟାଧର ଦାସ, ପି.: ଦୁଃଖୀରାମ ଦାସ, ରକ୍ଷା ଦାସ, ସ୍ୱା.: ଦୁଃଖୀରାମ ଦାସ, ଜା: ହଂସ, ବା: ପ୍ରହରାଜପୁର
୫୯	୧୮୯	୫୧୯	୦.୦୨୫	୦.୦୨୫	ଘରବାଡ଼ି-୨	ରଘୁନାଥ ଦାସ, ଭିକାରୀ ଚରଣ ଦାସ, ପି.: ଶୁକ ଦାସ, ଶୁକି ଦାସ, ସ୍ୱା.: ଶୁକ ଦାସ, ଅର୍ଜୁନ ଦାସ, ପି.: ସାଧୁ ଦାସ, ରାମଚନ୍ଦ୍ର ଦାସ, ପି.: କାଳନ୍ଦି ଦାସ, ବାବାଜି ଦାସ, ପି.: ପ୍ରାଣ ଦାସ, ବ୍ରଜରାଜ ଦାସ, ପୃଷ୍ଟ ଦାସ, ମାଧବନନ୍ଦ ଦାସ, ଗୟାଧର ଦାସ, ପି.: ଦୁଃଖୀରାମ ଦାସ, ରକ୍ଷା ଦାସ, ସ୍ୱା.: ଦୁଃଖୀରାମ ଦାସ, ଜା: ହଂସ, ବା: ପ୍ରହରାଜପୁର
୬୦	୨୪୬/୩୭	୫୫୫/୧୧୫୦	୦.୦୨୦	୦.୦୨୦	ଘରବାଡ଼ି-୨	ଦାଉରି ରାଉତ, ପି.: କପିଳ ଚରଣ ରାଉତ, ଜା: ଖଣ୍ଡାୟତ, ବା: ଜୁରୁଡ଼ି
୬୧	୧୮୮	୫୫୩	୦.୦୪୧	୦.୦୪୧	ଶାରଦ ଜଳ ଡୋବିସନ-୨	ରଘୁନାଥ ଦାସ, ଭିକାରୀ ଦାସ, ପି.: ଶୁକ ଦାସ, ଶୁକି ଦାସ, ସ୍ୱା.: ଶୁକ ଦାସ, ଅର୍ଜୁନ ଦାସ, ପି.: ସାଧୁ ଦାସ, ମାଧବନନ୍ଦ ଦାସ, ଗୟାଧର ଦାସ, ପି.: ଦୁଃଖୀରାମ ଦାସ, ରକ୍ଷା ଦାସ, ଜା: ହଂସି, ବା: ପ୍ରହରାଜପୁର
୬୨	୧୭୭	୫୫୫	୦.୩୦୩	୦.୦୧୬	ଶାରଦ ଜଳ-୨	ମାଧାଧର ସାହୁ, ଗଣେଶ ଚରଣ ସାହୁ, ପି.: ମାଗୁଣି ସାହୁ, ଜା: କୁବେର, ବା: ପ୍ରହରାଜପୁର
୬୩	୨୪୬/୭୪	୫୫୫	୦.୧୯୦	୦.୦୧୫	ଘରବାଡ଼ି-୨	ଉମେଶ ଚନ୍ଦ୍ର ଦାସ, ଦେଶବନ୍ଧୁ ଦାସ, ପି.: ଗୟାଧର ଦାସ, ଜା: ହଂସି, ବା: ପ୍ରହରାଜପୁର
୬୪	୧୭୭	୫୫୫/୧୧୬୭	୦.୦୨୦	୦.୦୨୦	ଘରବାଡ଼ି-୨	ମାଧାଧର ସାହୁ, ଗଣେଶ ଚରଣ ସାହୁ, ପି.: ମାଗୁଣି ସାହୁ, ଜା: କୁବେର, ବା: ପ୍ରହରାଜପୁର
୬୫	୨୪୬/୫୪	୫୪୧/୧୫୬୯	୦.୦୨୫	୦.୦୨୫	ଘରବାଡ଼ି-୨	ଆଜ୍ଜାଜ ଖାଁ, ପି.: ରସିଦ ଖାଁ, ଜା: ମୁସଲମାନ, ବା: ଦେବୀପୁର
